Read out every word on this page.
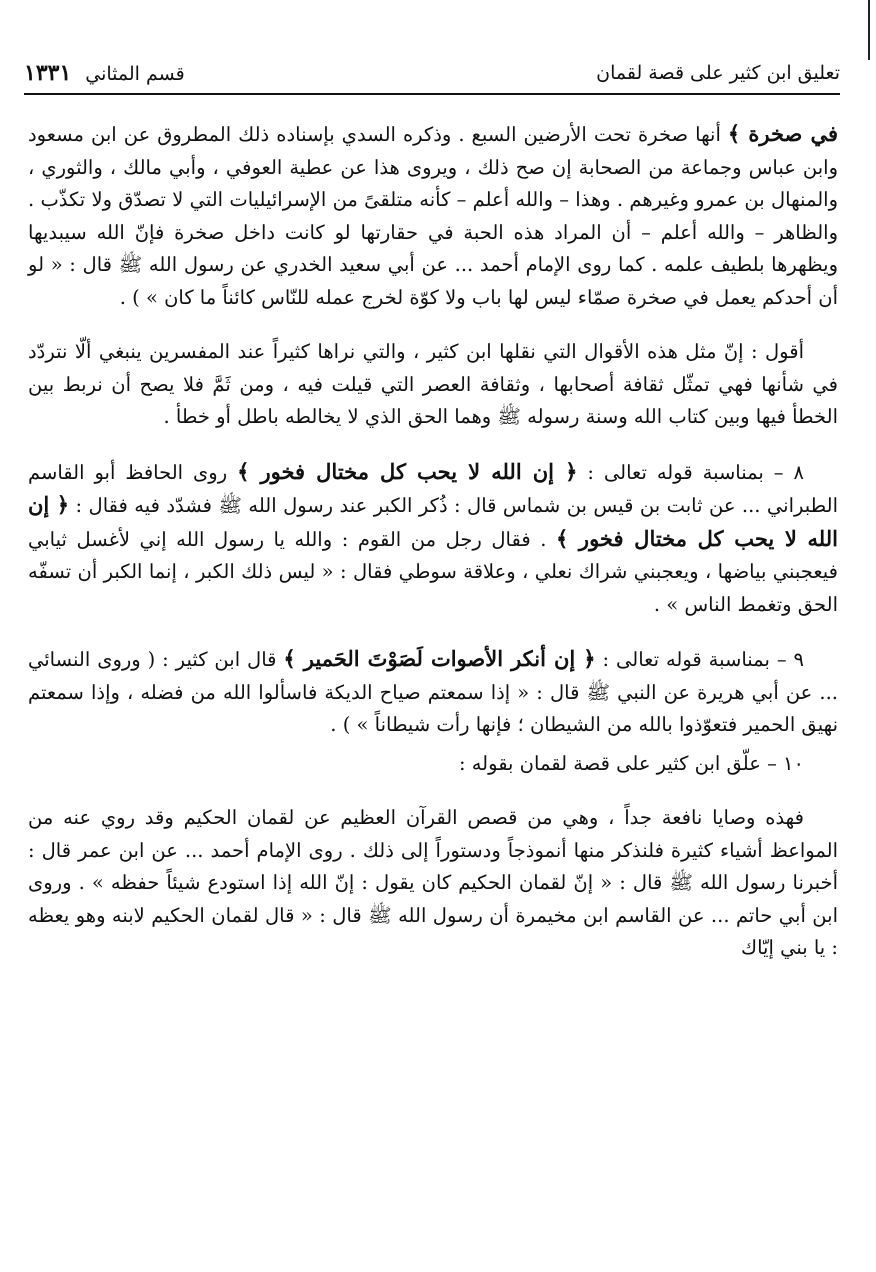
تعليق ابن كثير على قصة لقمان
قسم المثاني
١٣٣١

في صخرة ﴾ أنها صخرة تحت الأرضين السبع . وذكره السدي بإسناده ذلك المطروق عن ابن مسعود وابن عباس وجماعة من الصحابة إن صح ذلك ، ويروى هذا عن عطية العوفي ، وأبي مالك ، والثوري ، والمنهال بن عمرو وغيرهم . وهذا – والله أعلم – كأنه متلقىً من الإسرائيليات التي لا تصدّق ولا تكذّب . والظاهر – والله أعلم – أن المراد هذه الحبة في حقارتها لو كانت داخل صخرة فإنّ الله سيبديها ويظهرها بلطيف علمه . كما روى الإمام أحمد ... عن أبي سعيد الخدري عن رسول الله ﷺ قال : « لو أن أحدكم يعمل في صخرة صمّاء ليس لها باب ولا كوّة لخرج عمله للنّاس كائناً ما كان » ) .

أقول : إنّ مثل هذه الأقوال التي نقلها ابن كثير ، والتي نراها كثيراً عند المفسرين ينبغي ألّا نتردّد في شأنها فهي تمثّل ثقافة أصحابها ، وثقافة العصر التي قيلت فيه ، ومن ثَمَّ فلا يصح أن نربط بين الخطأ فيها وبين كتاب الله وسنة رسوله ﷺ وهما الحق الذي لا يخالطه باطل أو خطأ .

٨ – بمناسبة قوله تعالى : ﴿ إن الله لا يحب كل مختال فخور ﴾ روى الحافظ أبو القاسم الطبراني ... عن ثابت بن قيس بن شماس قال : ذُكر الكبر عند رسول الله ﷺ فشدّد فيه فقال : ﴿ إن الله لا يحب كل مختال فخور ﴾ . فقال رجل من القوم : والله يا رسول الله إني لأغسل ثيابي فيعجبني بياضها ، ويعجبني شراك نعلي ، وعلاقة سوطي فقال : « ليس ذلك الكبر ، إنما الكبر أن تسفّه الحق وتغمط الناس » .

٩ – بمناسبة قوله تعالى : ﴿ إن أنكر الأصوات لَصَوْتَ الحَمير ﴾ قال ابن كثير : ( وروى النسائي ... عن أبي هريرة عن النبي ﷺ قال : « إذا سمعتم صياح الديكة فاسألوا الله من فضله ، وإذا سمعتم نهيق الحمير فتعوّذوا بالله من الشيطان ؛ فإنها رأت شيطاناً » ) .

١٠ – علّق ابن كثير على قصة لقمان بقوله :

فهذه وصايا نافعة جداً ، وهي من قصص القرآن العظيم عن لقمان الحكيم وقد روي عنه من المواعظ أشياء كثيرة فلنذكر منها أنموذجاً ودستوراً إلى ذلك . روى الإمام أحمد ... عن ابن عمر قال : أخبرنا رسول الله ﷺ قال : « إنّ لقمان الحكيم كان يقول : إنّ الله إذا استودع شيئاً حفظه » . وروى ابن أبي حاتم ... عن القاسم ابن مخيمرة أن رسول الله ﷺ قال : « قال لقمان الحكيم لابنه وهو يعظه : يا بني إيّاك
